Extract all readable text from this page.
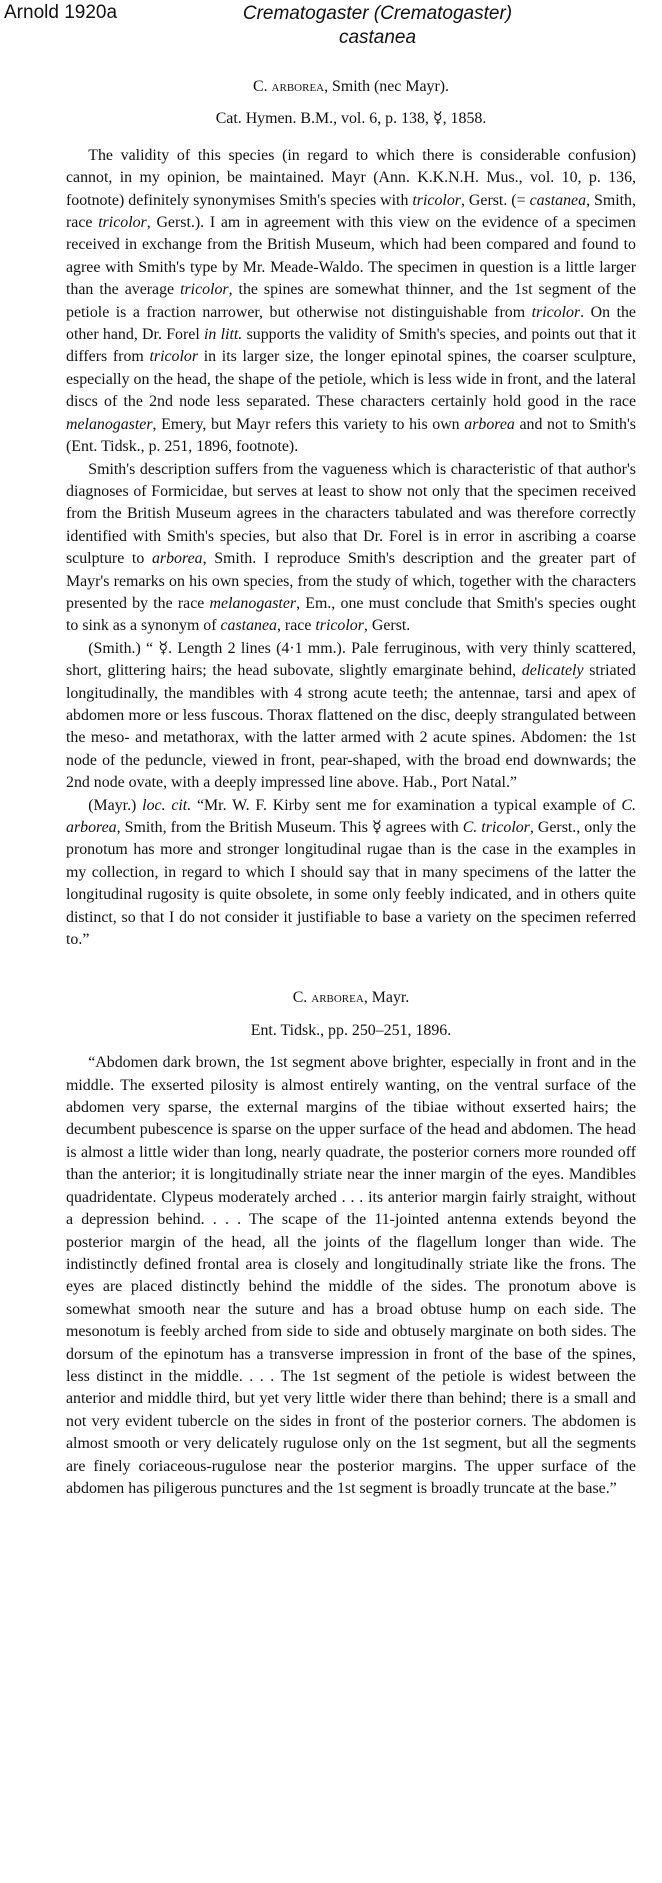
Arnold 1920a	Crematogaster (Crematogaster)
castanea
C. arborea, Smith (nec Mayr).
Cat. Hymen. B.M., vol. 6, p. 138, ☿, 1858.

The validity of this species (in regard to which there is considerable confusion) cannot, in my opinion, be maintained. Mayr (Ann. K.K.N.H. Mus., vol. 10, p. 136, footnote) definitely synonymises Smith's species with tricolor, Gerst. (= castanea, Smith, race tricolor, Gerst.). I am in agreement with this view on the evidence of a specimen received in exchange from the British Museum, which had been compared and found to agree with Smith's type by Mr. Meade-Waldo. The specimen in question is a little larger than the average tricolor, the spines are somewhat thinner, and the 1st segment of the petiole is a fraction narrower, but otherwise not distinguishable from tricolor. On the other hand, Dr. Forel in litt. supports the validity of Smith's species, and points out that it differs from tricolor in its larger size, the longer epinotal spines, the coarser sculpture, especially on the head, the shape of the petiole, which is less wide in front, and the lateral discs of the 2nd node less separated. These characters certainly hold good in the race melanogaster, Emery, but Mayr refers this variety to his own arborea and not to Smith's (Ent. Tidsk., p. 251, 1896, footnote).

Smith's description suffers from the vagueness which is characteristic of that author's diagnoses of Formicidae, but serves at least to show not only that the specimen received from the British Museum agrees in the characters tabulated and was therefore correctly identified with Smith's species, but also that Dr. Forel is in error in ascribing a coarse sculpture to arborea, Smith. I reproduce Smith's description and the greater part of Mayr's remarks on his own species, from the study of which, together with the characters presented by the race melanogaster, Em., one must conclude that Smith's species ought to sink as a synonym of castanea, race tricolor, Gerst.

(Smith.) “ ☿. Length 2 lines (4·1 mm.). Pale ferruginous, with very thinly scattered, short, glittering hairs; the head subovate, slightly emarginate behind, delicately striated longitudinally, the mandibles with 4 strong acute teeth; the antennae, tarsi and apex of abdomen more or less fuscous. Thorax flattened on the disc, deeply strangulated between the meso- and metathorax, with the latter armed with 2 acute spines. Abdomen: the 1st node of the peduncle, viewed in front, pear-shaped, with the broad end downwards; the 2nd node ovate, with a deeply impressed line above. Hab., Port Natal.”

(Mayr.) loc. cit. “Mr. W. F. Kirby sent me for examination a typical example of C. arborea, Smith, from the British Museum. This ☿ agrees with C. tricolor, Gerst., only the pronotum has more and stronger longitudinal rugae than is the case in the examples in my collection, in regard to which I should say that in many specimens of the latter the longitudinal rugosity is quite obsolete, in some only feebly indicated, and in others quite distinct, so that I do not consider it justifiable to base a variety on the specimen referred to.”

C. arborea, Mayr.
Ent. Tidsk., pp. 250–251, 1896.

“Abdomen dark brown, the 1st segment above brighter, especially in front and in the middle. The exserted pilosity is almost entirely wanting, on the ventral surface of the abdomen very sparse, the external margins of the tibiae without exserted hairs; the decumbent pubescence is sparse on the upper surface of the head and abdomen. The head is almost a little wider than long, nearly quadrate, the posterior corners more rounded off than the anterior; it is longitudinally striate near the inner margin of the eyes. Mandibles quadridentate. Clypeus moderately arched . . . its anterior margin fairly straight, without a depression behind. . . . The scape of the 11-jointed antenna extends beyond the posterior margin of the head, all the joints of the flagellum longer than wide. The indistinctly defined frontal area is closely and longitudinally striate like the frons. The eyes are placed distinctly behind the middle of the sides. The pronotum above is somewhat smooth near the suture and has a broad obtuse hump on each side. The mesonotum is feebly arched from side to side and obtusely marginate on both sides. The dorsum of the epinotum has a transverse impression in front of the base of the spines, less distinct in the middle. . . . The 1st segment of the petiole is widest between the anterior and middle third, but yet very little wider there than behind; there is a small and not very evident tubercle on the sides in front of the posterior corners. The abdomen is almost smooth or very delicately rugulose only on the 1st segment, but all the segments are finely coriaceous-rugulose near the posterior margins. The upper surface of the abdomen has piligerous punctures and the 1st segment is broadly truncate at the base.”
